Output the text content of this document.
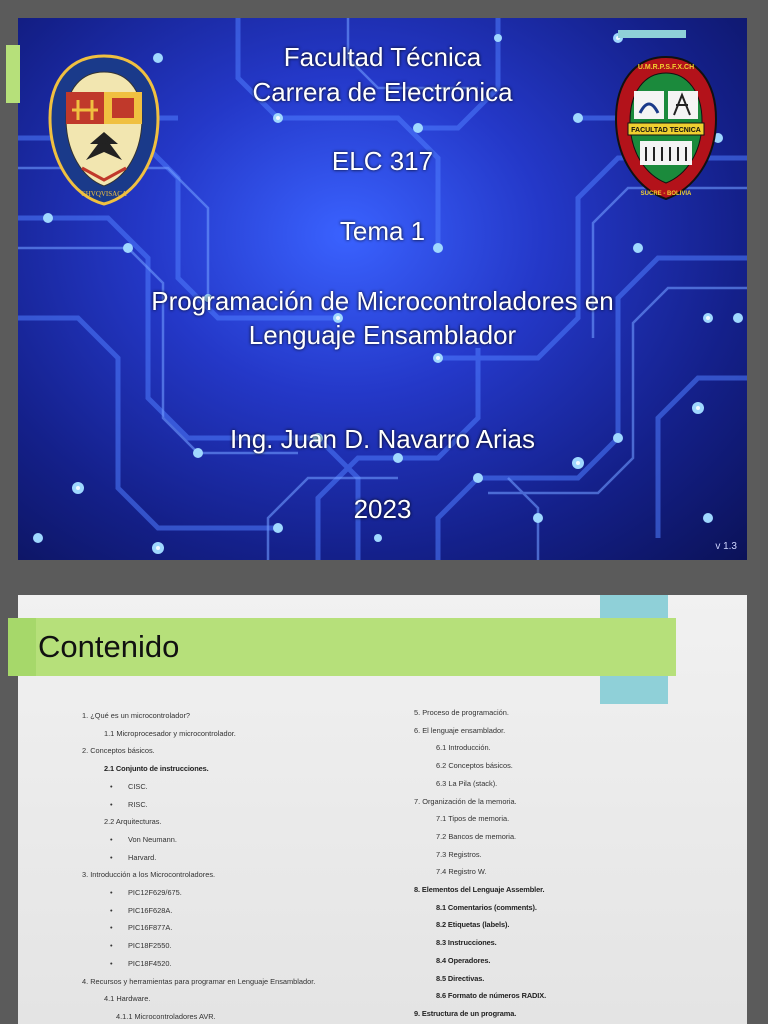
CHVQVISACA
FACULTAD TECNICA
U.M.R.P.S.F.X.CH
SUCRE - BOLIVIA
v 1.3
Facultad Técnica
Carrera de Electrónica
ELC 317
Tema 1
Programación de Microcontroladores en
Lenguaje Ensamblador
Ing. Juan D. Navarro Arias
2023
Contenido
1. ¿Qué es un microcontrolador?
1.1 Microprocesador y microcontrolador.
2. Conceptos básicos.
2.1 Conjunto de instrucciones.
• CISC.
• RISC.
2.2 Arquitecturas.
• Von Neumann.
• Harvard.
3. Introducción a los Microcontroladores.
• PIC12F629/675.
• PIC16F628A.
• PIC16F877A.
• PIC18F2550.
• PIC18F4520.
4. Recursos y herramientas para programar en Lenguaje Ensamblador.
4.1 Hardware.
4.1.1 Microcontroladores AVR.
5. Proceso de programación.
6. El lenguaje ensamblador.
6.1 Introducción.
6.2 Conceptos básicos.
6.3 La Pila (stack).
7. Organización de la memoria.
7.1 Tipos de memoria.
7.2 Bancos de memoria.
7.3 Registros.
7.4 Registro W.
8. Elementos del Lenguaje Assembler.
8.1 Comentarios (comments).
8.2 Etiquetas (labels).
8.3 Instrucciones.
8.4 Operadores.
8.5 Directivas.
8.6 Formato de números RADIX.
9. Estructura de un programa.
